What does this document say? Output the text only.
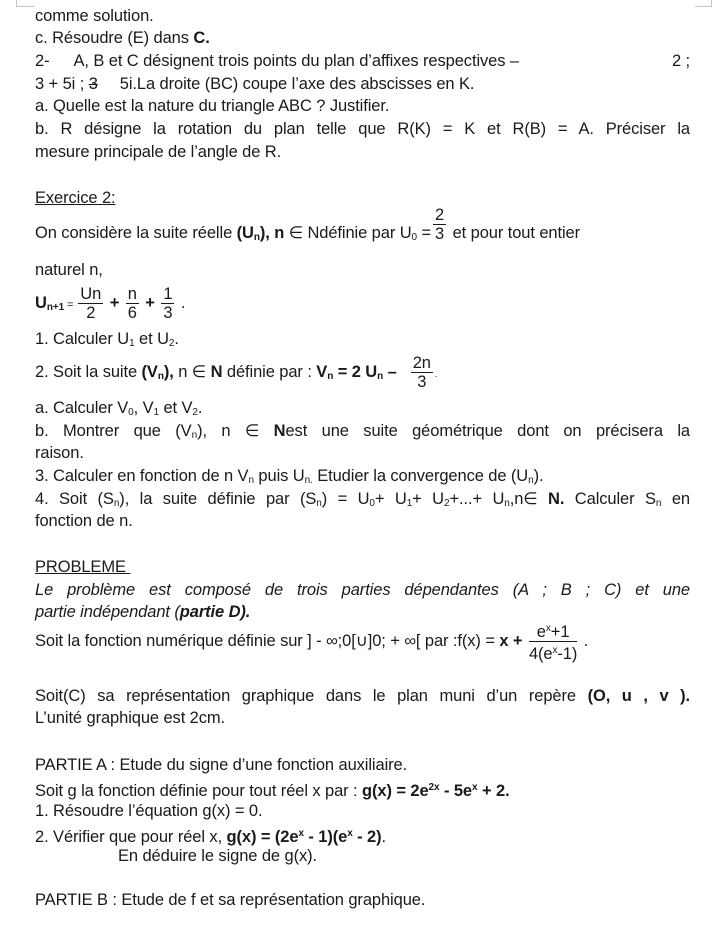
comme solution.
c. Résoudre (E) dans C.
2- A, B et C désignent trois points du plan d’affixes respectives –	2 ;
3 + 5i ; 3 5i.La droite (BC) coupe l’axe des abscisses en K.
a. Quelle est la nature du triangle ABC ? Justifier.
b. R désigne la rotation du plan telle que R(K) = K et R(B) = A. Préciser la
mesure principale de l’angle de R.
Exercice 2:
On considère la suite réelle $(U_n)$, n ∈ Ndéfinie par $U_0 = \frac{2}{3}$ et pour tout entier
naturel n,
$U_{n+1} = \frac{Un}{2} + \frac{n}{6} + \frac{1}{3}$ .
1. Calculer $U_1$ et $U_2$.
2. Soit la suite $(V_n)$, n ∈ N définie par : $V_n = 2$ $U_n - \frac{2n}{3}$ .
a. Calculer $V_0$, $V_1$ et $V_2$.
b. Montrer que $(V_n)$, n ∈ Nest une suite géométrique dont on précisera la
raison.
3. Calculer en fonction de n $V_n$ puis $U_{n.}$ Etudier la convergence de $(U_n)$.
4. Soit $(S_n)$, la suite définie par $(S_n) = U_0+ U_1+ U_2+...+$ $U_n,n\in$ N. Calculer $S_n$ en
fonction de n.
PROBLEME
Le problème est composé de trois parties dépendantes (A ; B ; C) et une
partie indépendant (partie D).
Soit la fonction numérique définie sur ] - ∞;0[∪]0; + ∞[ par :f(x) = $x + \frac{e^x+1}{4(e^x-1)}$ .
Soit(C) sa représentation graphique dans le plan muni d’un repère (O, u , v ).
L’unité graphique est 2cm.
PARTIE A : Etude du signe d’une fonction auxiliaire.
Soit g la fonction définie pour tout réel x par : $g(x) = 2e^{2x} - 5e^x + 2$.
1. Résoudre l’équation g(x) = 0.
2. Vérifier que pour réel x, $g(x) = (2e^x - 1)(e^x - 2)$.
En déduire le signe de g(x).
PARTIE B : Etude de f et sa représentation graphique.
